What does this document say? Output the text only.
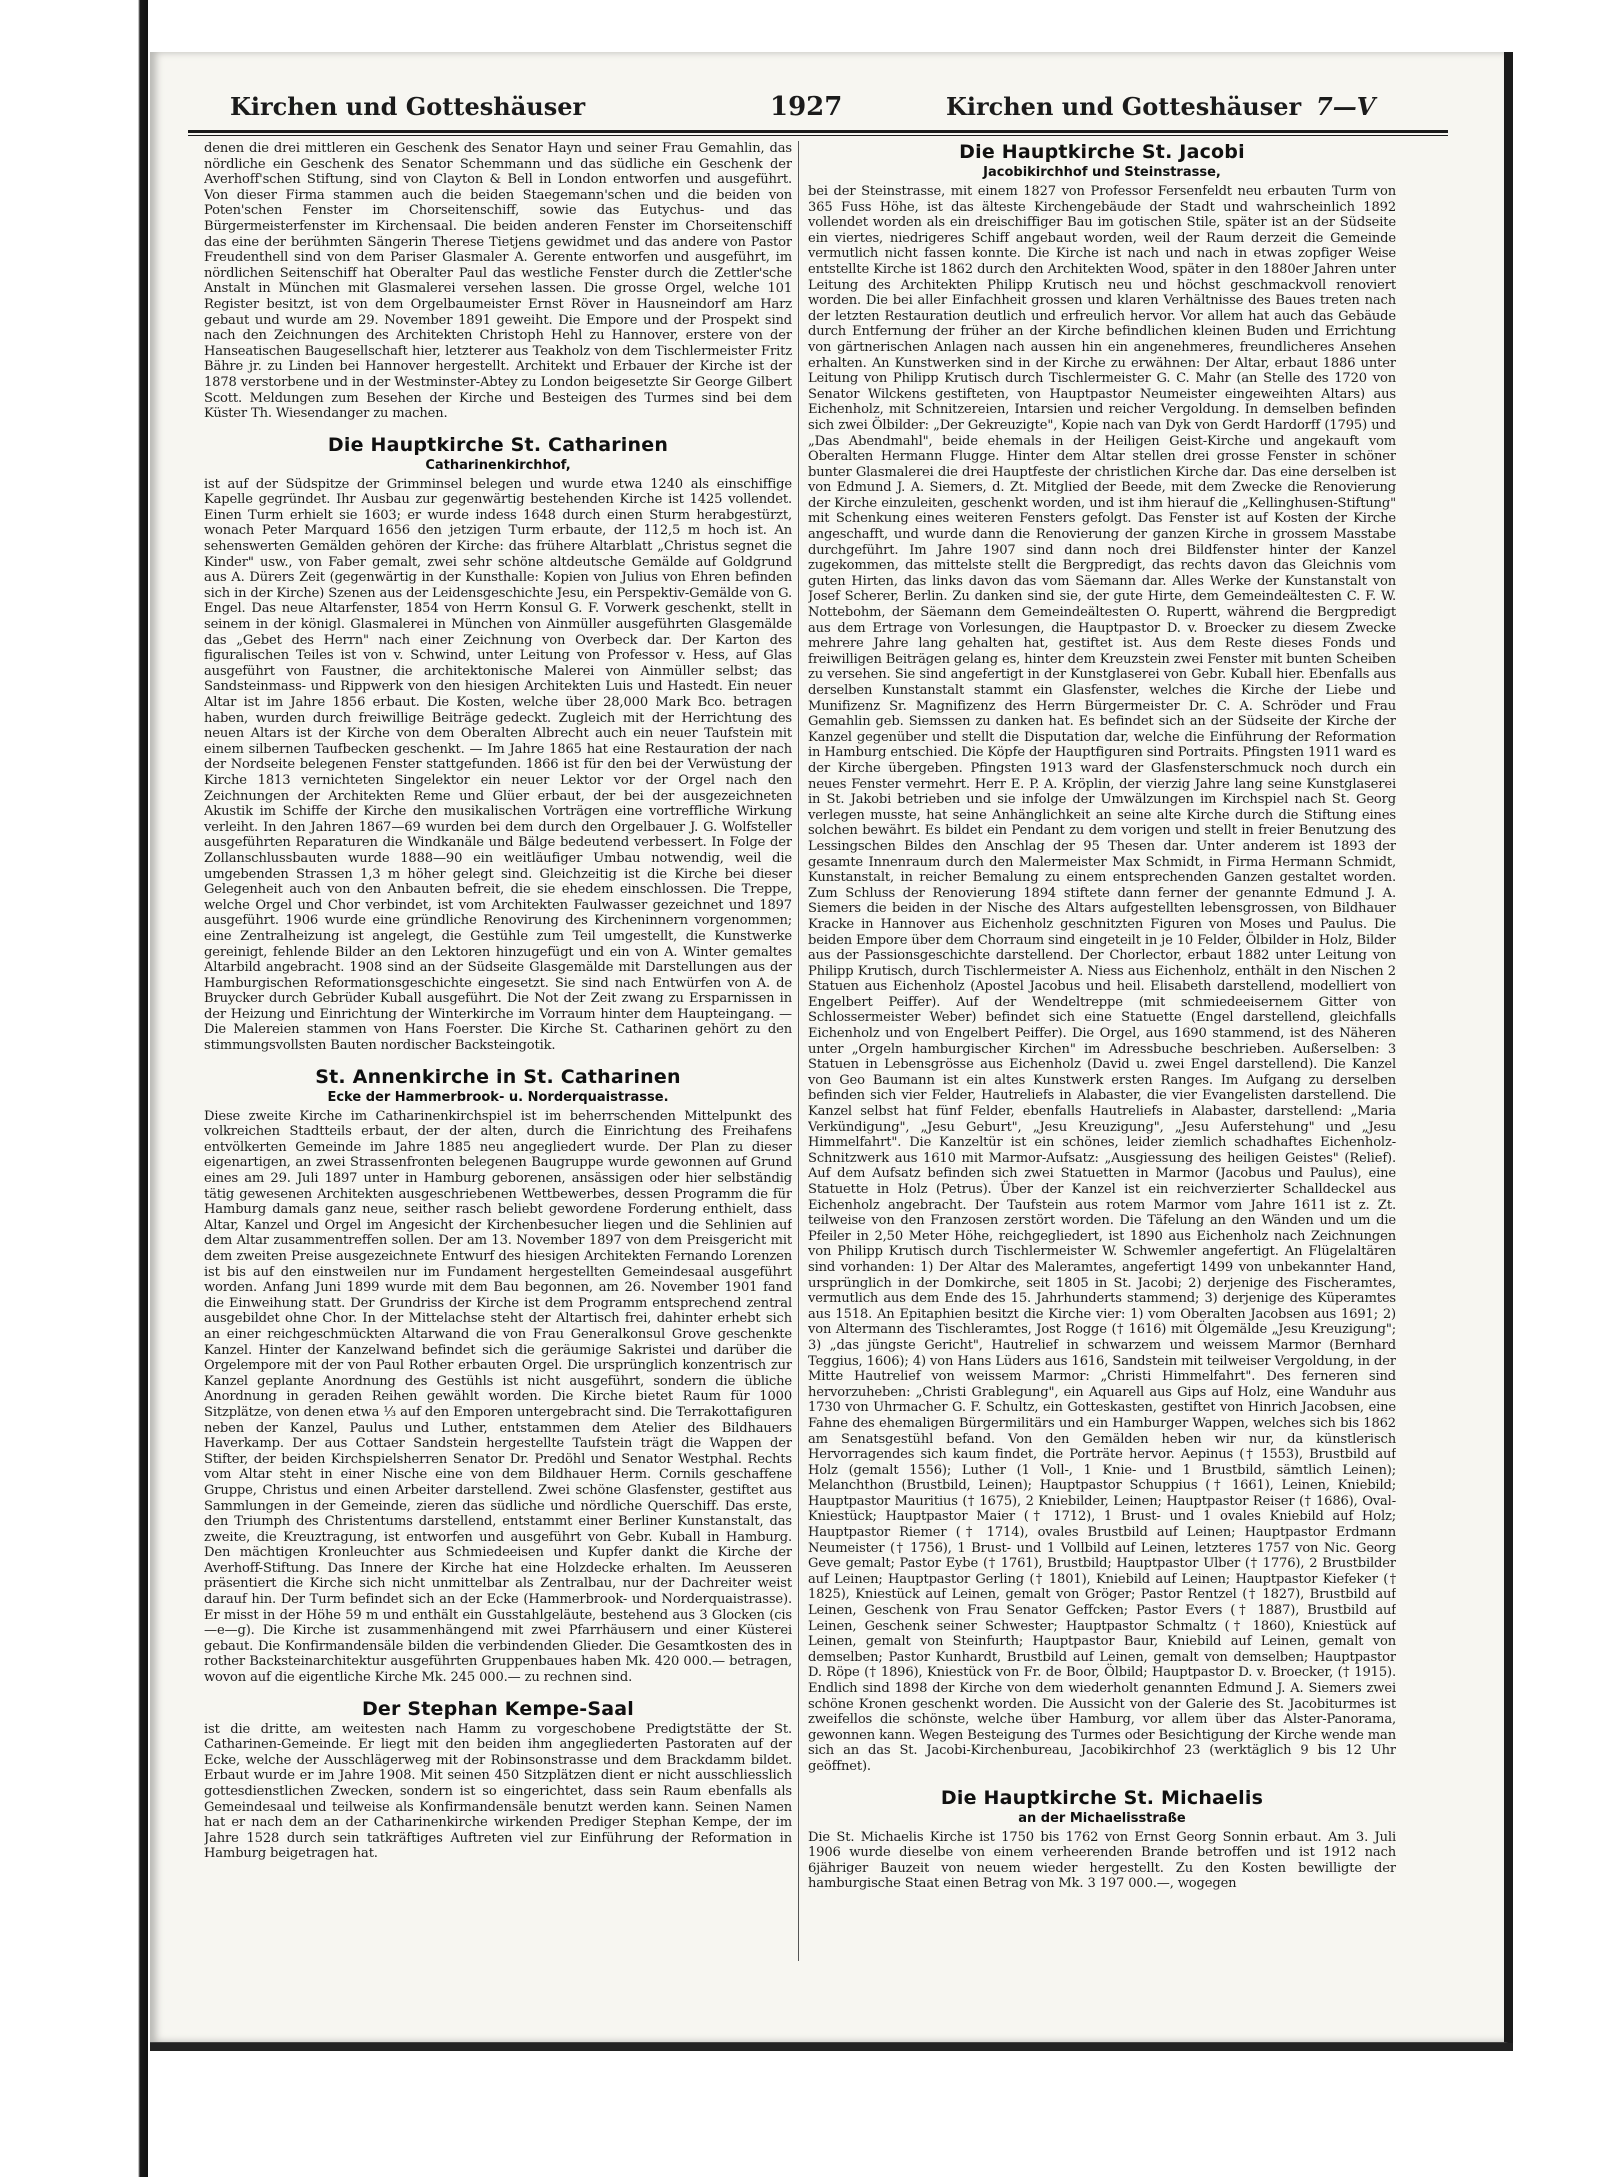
Kirchen und Gotteshäuser	1927	Kirchen und Gotteshäuser 7—V

denen die drei mittleren ein Geschenk des Senator Hayn und seiner Frau Gemahlin, das nördliche ein Geschenk des Senator Schemmann und das südliche ein Geschenk der Averhoff'schen Stiftung, sind von Clayton & Bell in London entworfen und ausgeführt. Von dieser Firma stammen auch die beiden Staegemann'schen und die beiden von Poten'schen Fenster im Chorseitenschiff, sowie das Eutychus- und das Bürgermeisterfenster im Kirchensaal. Die beiden anderen Fenster im Chorseitenschiff das eine der berühmten Sängerin Therese Tietjens gewidmet und das andere von Pastor Freudenthell sind von dem Pariser Glasmaler A. Gerente entworfen und ausgeführt, im nördlichen Seitenschiff hat Oberalter Paul das westliche Fenster durch die Zettler'sche Anstalt in München mit Glasmalerei versehen lassen. Die grosse Orgel, welche 101 Register besitzt, ist von dem Orgelbaumeister Ernst Röver in Hausneindorf am Harz gebaut und wurde am 29. November 1891 geweiht. Die Empore und der Prospekt sind nach den Zeichnungen des Architekten Christoph Hehl zu Hannover, erstere von der Hanseatischen Baugesellschaft hier, letzterer aus Teakholz von dem Tischlermeister Fritz Bähre jr. zu Linden bei Hannover hergestellt. Architekt und Erbauer der Kirche ist der 1878 verstorbene und in der Westminster-Abtey zu London beigesetzte Sir George Gilbert Scott. Meldungen zum Besehen der Kirche und Besteigen des Turmes sind bei dem Küster Th. Wiesendanger zu machen.

Die Hauptkirche St. Catharinen
Catharinenkirchhof,

ist auf der Südspitze der Grimminsel belegen und wurde etwa 1240 als einschiffige Kapelle gegründet. Ihr Ausbau zur gegenwärtig bestehenden Kirche ist 1425 vollendet. Einen Turm erhielt sie 1603; er wurde indess 1648 durch einen Sturm herabgestürzt, wonach Peter Marquard 1656 den jetzigen Turm erbaute, der 112,5 m hoch ist. An sehenswerten Gemälden gehören der Kirche: das frühere Altarblatt „Christus segnet die Kinder" usw., von Faber gemalt, zwei sehr schöne altdeutsche Gemälde auf Goldgrund aus A. Dürers Zeit (gegenwärtig in der Kunsthalle: Kopien von Julius von Ehren befinden sich in der Kirche) Szenen aus der Leidensgeschichte Jesu, ein Perspektiv-Gemälde von G. Engel. Das neue Altarfenster, 1854 von Herrn Konsul G. F. Vorwerk geschenkt, stellt in seinem in der königl. Glasmalerei in München von Ainmüller ausgeführten Glasgemälde das „Gebet des Herrn" nach einer Zeichnung von Overbeck dar. Der Karton des figuralischen Teiles ist von v. Schwind, unter Leitung von Professor v. Hess, auf Glas ausgeführt von Faustner, die architektonische Malerei von Ainmüller selbst; das Sandsteinmass- und Rippwerk von den hiesigen Architekten Luis und Hastedt. Ein neuer Altar ist im Jahre 1856 erbaut. Die Kosten, welche über 28,000 Mark Bco. betragen haben, wurden durch freiwillige Beiträge gedeckt. Zugleich mit der Herrichtung des neuen Altars ist der Kirche von dem Oberalten Albrecht auch ein neuer Taufstein mit einem silbernen Taufbecken geschenkt. — Im Jahre 1865 hat eine Restauration der nach der Nordseite belegenen Fenster stattgefunden. 1866 ist für den bei der Verwüstung der Kirche 1813 vernichteten Singelektor ein neuer Lektor vor der Orgel nach den Zeichnungen der Architekten Reme und Glüer erbaut, der bei der ausgezeichneten Akustik im Schiffe der Kirche den musikalischen Vorträgen eine vortreffliche Wirkung verleiht. In den Jahren 1867—69 wurden bei dem durch den Orgelbauer J. G. Wolfsteller ausgeführten Reparaturen die Windkanäle und Bälge bedeutend verbessert. In Folge der Zollanschlussbauten wurde 1888—90 ein weitläufiger Umbau notwendig, weil die umgebenden Strassen 1,3 m höher gelegt sind. Gleichzeitig ist die Kirche bei dieser Gelegenheit auch von den Anbauten befreit, die sie ehedem einschlossen. Die Treppe, welche Orgel und Chor verbindet, ist vom Architekten Faulwasser gezeichnet und 1897 ausgeführt. 1906 wurde eine gründliche Renovirung des Kircheninnern vorgenommen; eine Zentralheizung ist angelegt, die Gestühle zum Teil umgestellt, die Kunstwerke gereinigt, fehlende Bilder an den Lektoren hinzugefügt und ein von A. Winter gemaltes Altarbild angebracht. 1908 sind an der Südseite Glasgemälde mit Darstellungen aus der Hamburgischen Reformationsgeschichte eingesetzt. Sie sind nach Entwürfen von A. de Bruycker durch Gebrüder Kuball ausgeführt. Die Not der Zeit zwang zu Ersparnissen in der Heizung und Einrichtung der Winterkirche im Vorraum hinter dem Haupteingang. — Die Malereien stammen von Hans Foerster. Die Kirche St. Catharinen gehört zu den stimmungsvollsten Bauten nordischer Backsteingotik.

St. Annenkirche in St. Catharinen
Ecke der Hammerbrook- u. Norderquaistrasse.

Diese zweite Kirche im Catharinenkirchspiel ist im beherrschenden Mittelpunkt des volkreichen Stadtteils erbaut, der der alten, durch die Einrichtung des Freihafens entvölkerten Gemeinde im Jahre 1885 neu angegliedert wurde. Der Plan zu dieser eigenartigen, an zwei Strassenfronten belegenen Baugruppe wurde gewonnen auf Grund eines am 29. Juli 1897 unter in Hamburg geborenen, ansässigen oder hier selbständig tätig gewesenen Architekten ausgeschriebenen Wettbewerbes, dessen Programm die für Hamburg damals ganz neue, seither rasch beliebt gewordene Forderung enthielt, dass Altar, Kanzel und Orgel im Angesicht der Kirchenbesucher liegen und die Sehlinien auf dem Altar zusammentreffen sollen. Der am 13. November 1897 von dem Preisgericht mit dem zweiten Preise ausgezeichnete Entwurf des hiesigen Architekten Fernando Lorenzen ist bis auf den einstweilen nur im Fundament hergestellten Gemeindesaal ausgeführt worden. Anfang Juni 1899 wurde mit dem Bau begonnen, am 26. November 1901 fand die Einweihung statt. Der Grundriss der Kirche ist dem Programm entsprechend zentral ausgebildet ohne Chor. In der Mittelachse steht der Altartisch frei, dahinter erhebt sich an einer reichgeschmückten Altarwand die von Frau Generalkonsul Grove geschenkte Kanzel. Hinter der Kanzelwand befindet sich die geräumige Sakristei und darüber die Orgelempore mit der von Paul Rother erbauten Orgel. Die ursprünglich konzentrisch zur Kanzel geplante Anordnung des Gestühls ist nicht ausgeführt, sondern die übliche Anordnung in geraden Reihen gewählt worden. Die Kirche bietet Raum für 1000 Sitzplätze, von denen etwa ⅓ auf den Emporen untergebracht sind. Die Terrakottafiguren neben der Kanzel, Paulus und Luther, entstammen dem Atelier des Bildhauers Haverkamp. Der aus Cottaer Sandstein hergestellte Taufstein trägt die Wappen der Stifter, der beiden Kirchspielsherren Senator Dr. Predöhl und Senator Westphal. Rechts vom Altar steht in einer Nische eine von dem Bildhauer Herm. Cornils geschaffene Gruppe, Christus und einen Arbeiter darstellend. Zwei schöne Glasfenster, gestiftet aus Sammlungen in der Gemeinde, zieren das südliche und nördliche Querschiff. Das erste, den Triumph des Christentums darstellend, entstammt einer Berliner Kunstanstalt, das zweite, die Kreuztragung, ist entworfen und ausgeführt von Gebr. Kuball in Hamburg. Den mächtigen Kronleuchter aus Schmiedeeisen und Kupfer dankt die Kirche der Averhoff-Stiftung. Das Innere der Kirche hat eine Holzdecke erhalten. Im Aeusseren präsentiert die Kirche sich nicht unmittelbar als Zentralbau, nur der Dachreiter weist darauf hin. Der Turm befindet sich an der Ecke (Hammerbrook- und Norderquaistrasse). Er misst in der Höhe 59 m und enthält ein Gusstahlgeläute, bestehend aus 3 Glocken (cis—e—g). Die Kirche ist zusammenhängend mit zwei Pfarrhäusern und einer Küsterei gebaut. Die Konfirmandensäle bilden die verbindenden Glieder. Die Gesamtkosten des in rother Backsteinarchitektur ausgeführten Gruppenbaues haben Mk. 420 000.— betragen, wovon auf die eigentliche Kirche Mk. 245 000.— zu rechnen sind.

Der Stephan Kempe-Saal

ist die dritte, am weitesten nach Hamm zu vorgeschobene Predigtstätte der St. Catharinen-Gemeinde. Er liegt mit den beiden ihm angegliederten Pastoraten auf der Ecke, welche der Ausschlägerweg mit der Robinsonstrasse und dem Brackdamm bildet. Erbaut wurde er im Jahre 1908. Mit seinen 450 Sitzplätzen dient er nicht ausschliesslich gottesdienstlichen Zwecken, sondern ist so eingerichtet, dass sein Raum ebenfalls als Gemeindesaal und teilweise als Konfirmandensäle benutzt werden kann. Seinen Namen hat er nach dem an der Catharinenkirche wirkenden Prediger Stephan Kempe, der im Jahre 1528 durch sein tatkräftiges Auftreten viel zur Einführung der Reformation in Hamburg beigetragen hat.

Die Hauptkirche St. Jacobi
Jacobikirchhof und Steinstrasse,

bei der Steinstrasse, mit einem 1827 von Professor Fersenfeldt neu erbauten Turm von 365 Fuss Höhe, ist das älteste Kirchengebäude der Stadt und wahrscheinlich 1892 vollendet worden als ein dreischiffiger Bau im gotischen Stile, später ist an der Südseite ein viertes, niedrigeres Schiff angebaut worden, weil der Raum derzeit die Gemeinde vermutlich nicht fassen konnte. Die Kirche ist nach und nach in etwas zopfiger Weise entstellte Kirche ist 1862 durch den Architekten Wood, später in den 1880er Jahren unter Leitung des Architekten Philipp Krutisch neu und höchst geschmackvoll renoviert worden. Die bei aller Einfachheit grossen und klaren Verhältnisse des Baues treten nach der letzten Restauration deutlich und erfreulich hervor. Vor allem hat auch das Gebäude durch Entfernung der früher an der Kirche befindlichen kleinen Buden und Errichtung von gärtnerischen Anlagen nach aussen hin ein angenehmeres, freundlicheres Ansehen erhalten. An Kunstwerken sind in der Kirche zu erwähnen: Der Altar, erbaut 1886 unter Leitung von Philipp Krutisch durch Tischlermeister G. C. Mahr (an Stelle des 1720 von Senator Wilckens gestifteten, von Hauptpastor Neumeister eingeweihten Altars) aus Eichenholz, mit Schnitzereien, Intarsien und reicher Vergoldung. In demselben befinden sich zwei Ölbilder: „Der Gekreuzigte", Kopie nach van Dyk von Gerdt Hardorff (1795) und „Das Abendmahl", beide ehemals in der Heiligen Geist-Kirche und angekauft vom Oberalten Hermann Flugge. Hinter dem Altar stellen drei grosse Fenster in schöner bunter Glasmalerei die drei Hauptfeste der christlichen Kirche dar. Das eine derselben ist von Edmund J. A. Siemers, d. Zt. Mitglied der Beede, mit dem Zwecke die Renovierung der Kirche einzuleiten, geschenkt worden, und ist ihm hierauf die „Kellinghusen-Stiftung" mit Schenkung eines weiteren Fensters gefolgt. Das Fenster ist auf Kosten der Kirche angeschafft, und wurde dann die Renovierung der ganzen Kirche in grossem Masstabe durchgeführt. Im Jahre 1907 sind dann noch drei Bildfenster hinter der Kanzel zugekommen, das mittelste stellt die Bergpredigt, das rechts davon das Gleichnis vom guten Hirten, das links davon das vom Säemann dar. Alles Werke der Kunstanstalt von Josef Scherer, Berlin. Zu danken sind sie, der gute Hirte, dem Gemeindeältesten C. F. W. Nottebohm, der Säemann dem Gemeindeältesten O. Rupertt, während die Bergpredigt aus dem Ertrage von Vorlesungen, die Hauptpastor D. v. Broecker zu diesem Zwecke mehrere Jahre lang gehalten hat, gestiftet ist. Aus dem Reste dieses Fonds und freiwilligen Beiträgen gelang es, hinter dem Kreuzstein zwei Fenster mit bunten Scheiben zu versehen. Sie sind angefertigt in der Kunstglaserei von Gebr. Kuball hier. Ebenfalls aus derselben Kunstanstalt stammt ein Glasfenster, welches die Kirche der Liebe und Munifizenz Sr. Magnifizenz des Herrn Bürgermeister Dr. C. A. Schröder und Frau Gemahlin geb. Siemssen zu danken hat. Es befindet sich an der Südseite der Kirche der Kanzel gegenüber und stellt die Disputation dar, welche die Einführung der Reformation in Hamburg entschied. Die Köpfe der Hauptfiguren sind Portraits. Pfingsten 1911 ward es der Kirche übergeben. Pfingsten 1913 ward der Glasfensterschmuck noch durch ein neues Fenster vermehrt. Herr E. P. A. Kröplin, der vierzig Jahre lang seine Kunstglaserei in St. Jakobi betrieben und sie infolge der Umwälzungen im Kirchspiel nach St. Georg verlegen musste, hat seine Anhänglichkeit an seine alte Kirche durch die Stiftung eines solchen bewährt. Es bildet ein Pendant zu dem vorigen und stellt in freier Benutzung des Lessingschen Bildes den Anschlag der 95 Thesen dar. Unter anderem ist 1893 der gesamte Innenraum durch den Malermeister Max Schmidt, in Firma Hermann Schmidt, Kunstanstalt, in reicher Bemalung zu einem entsprechenden Ganzen gestaltet worden. Zum Schluss der Renovierung 1894 stiftete dann ferner der genannte Edmund J. A. Siemers die beiden in der Nische des Altars aufgestellten lebensgrossen, von Bildhauer Kracke in Hannover aus Eichenholz geschnitzten Figuren von Moses und Paulus. Die beiden Empore über dem Chorraum sind eingeteilt in je 10 Felder, Ölbilder in Holz, Bilder aus der Passionsgeschichte darstellend. Der Chorlector, erbaut 1882 unter Leitung von Philipp Krutisch, durch Tischlermeister A. Niess aus Eichenholz, enthält in den Nischen 2 Statuen aus Eichenholz (Apostel Jacobus und heil. Elisabeth darstellend, modelliert von Engelbert Peiffer). Auf der Wendeltreppe (mit schmiedeeisernem Gitter von Schlossermeister Weber) befindet sich eine Statuette (Engel darstellend, gleichfalls Eichenholz und von Engelbert Peiffer). Die Orgel, aus 1690 stammend, ist des Näheren unter „Orgeln hamburgischer Kirchen" im Adressbuche beschrieben. Außerselben: 3 Statuen in Lebensgrösse aus Eichenholz (David u. zwei Engel darstellend). Die Kanzel von Geo Baumann ist ein altes Kunstwerk ersten Ranges. Im Aufgang zu derselben befinden sich vier Felder, Hautreliefs in Alabaster, die vier Evangelisten darstellend. Die Kanzel selbst hat fünf Felder, ebenfalls Hautreliefs in Alabaster, darstellend: „Maria Verkündigung", „Jesu Geburt", „Jesu Kreuzigung", „Jesu Auferstehung" und „Jesu Himmelfahrt". Die Kanzeltür ist ein schönes, leider ziemlich schadhaftes Eichenholz-Schnitzwerk aus 1610 mit Marmor-Aufsatz: „Ausgiessung des heiligen Geistes" (Relief). Auf dem Aufsatz befinden sich zwei Statuetten in Marmor (Jacobus und Paulus), eine Statuette in Holz (Petrus). Über der Kanzel ist ein reichverzierter Schalldeckel aus Eichenholz angebracht. Der Taufstein aus rotem Marmor vom Jahre 1611 ist z. Zt. teilweise von den Franzosen zerstört worden. Die Täfelung an den Wänden und um die Pfeiler in 2,50 Meter Höhe, reichgegliedert, ist 1890 aus Eichenholz nach Zeichnungen von Philipp Krutisch durch Tischlermeister W. Schwemler angefertigt. An Flügelaltären sind vorhanden: 1) Der Altar des Maleramtes, angefertigt 1499 von unbekannter Hand, ursprünglich in der Domkirche, seit 1805 in St. Jacobi; 2) derjenige des Fischeramtes, vermutlich aus dem Ende des 15. Jahrhunderts stammend; 3) derjenige des Küperamtes aus 1518. An Epitaphien besitzt die Kirche vier: 1) vom Oberalten Jacobsen aus 1691; 2) von Altermann des Tischleramtes, Jost Rogge († 1616) mit Ölgemälde „Jesu Kreuzigung"; 3) „das jüngste Gericht", Hautrelief in schwarzem und weissem Marmor (Bernhard Teggius, 1606); 4) von Hans Lüders aus 1616, Sandstein mit teilweiser Vergoldung, in der Mitte Hautrelief von weissem Marmor: „Christi Himmelfahrt". Des ferneren sind hervorzuheben: „Christi Grablegung", ein Aquarell aus Gips auf Holz, eine Wanduhr aus 1730 von Uhrmacher G. F. Schultz, ein Gotteskasten, gestiftet von Hinrich Jacobsen, eine Fahne des ehemaligen Bürgermilitärs und ein Hamburger Wappen, welches sich bis 1862 am Senatsgestühl befand. Von den Gemälden heben wir nur, da künstlerisch Hervorragendes sich kaum findet, die Porträte hervor. Aepinus († 1553), Brustbild auf Holz (gemalt 1556); Luther (1 Voll-, 1 Knie- und 1 Brustbild, sämtlich Leinen); Melanchthon (Brustbild, Leinen); Hauptpastor Schuppius († 1661), Leinen, Kniebild; Hauptpastor Mauritius († 1675), 2 Kniebilder, Leinen; Hauptpastor Reiser († 1686), Oval-Kniestück; Hauptpastor Maier († 1712), 1 Brust- und 1 ovales Kniebild auf Holz; Hauptpastor Riemer († 1714), ovales Brustbild auf Leinen; Hauptpastor Erdmann Neumeister († 1756), 1 Brust- und 1 Vollbild auf Leinen, letzteres 1757 von Nic. Georg Geve gemalt; Pastor Eybe († 1761), Brustbild; Hauptpastor Ulber († 1776), 2 Brustbilder auf Leinen; Hauptpastor Gerling († 1801), Kniebild auf Leinen; Hauptpastor Kiefeker († 1825), Kniestück auf Leinen, gemalt von Gröger; Pastor Rentzel († 1827), Brustbild auf Leinen, Geschenk von Frau Senator Geffcken; Pastor Evers († 1887), Brustbild auf Leinen, Geschenk seiner Schwester; Hauptpastor Schmaltz († 1860), Kniestück auf Leinen, gemalt von Steinfurth; Hauptpastor Baur, Kniebild auf Leinen, gemalt von demselben; Pastor Kunhardt, Brustbild auf Leinen, gemalt von demselben; Hauptpastor D. Röpe († 1896), Kniestück von Fr. de Boor, Ölbild; Hauptpastor D. v. Broecker, († 1915). Endlich sind 1898 der Kirche von dem wiederholt genannten Edmund J. A. Siemers zwei schöne Kronen geschenkt worden. Die Aussicht von der Galerie des St. Jacobiturmes ist zweifellos die schönste, welche über Hamburg, vor allem über das Alster-Panorama, gewonnen kann. Wegen Besteigung des Turmes oder Besichtigung der Kirche wende man sich an das St. Jacobi-Kirchenbureau, Jacobikirchhof 23 (werktäglich 9 bis 12 Uhr geöffnet).

Die Hauptkirche St. Michaelis
an der Michaelisstraße

Die St. Michaelis Kirche ist 1750 bis 1762 von Ernst Georg Sonnin erbaut. Am 3. Juli 1906 wurde dieselbe von einem verheerenden Brande betroffen und ist 1912 nach 6jähriger Bauzeit von neuem wieder hergestellt. Zu den Kosten bewilligte der hamburgische Staat einen Betrag von Mk. 3 197 000.—, wogegen
